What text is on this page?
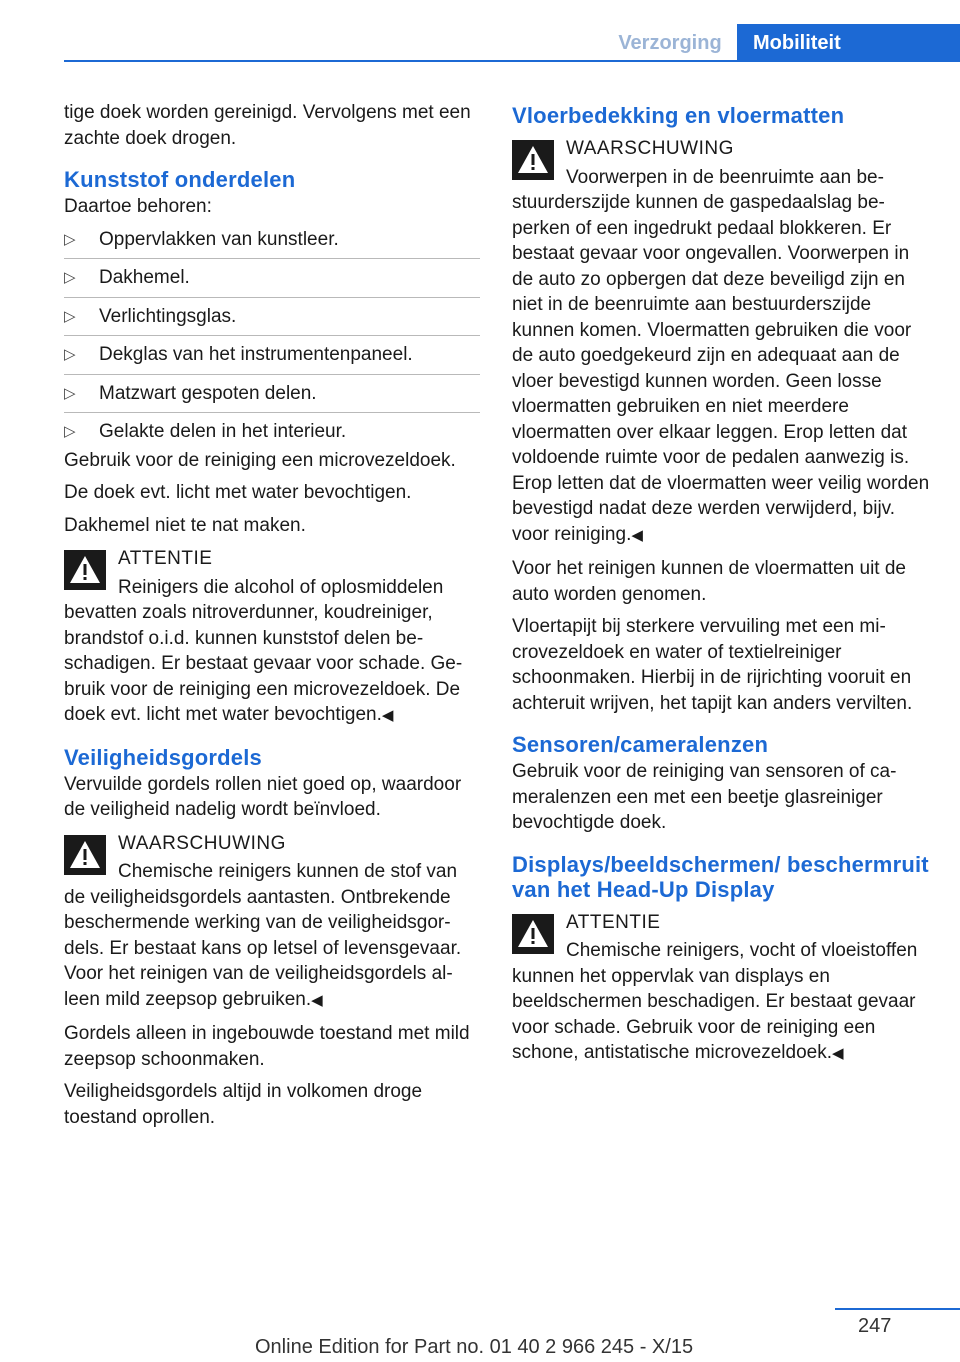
Verzorging	Mobiliteit

tige doek worden gereinigd. Vervolgens met een zachte doek drogen.

Kunststof onderdelen

Daartoe behoren:

▷ Oppervlakken van kunstleer.
▷ Dakhemel.
▷ Verlichtingsglas.
▷ Dekglas van het instrumentenpaneel.
▷ Matzwart gespoten delen.
▷ Gelakte delen in het interieur.

Gebruik voor de reiniging een microvezeldoek.

De doek evt. licht met water bevochtigen.

Dakhemel niet te nat maken.

ATTENTIE
Reinigers die alcohol of oplosmiddelen bevatten zoals nitroverdunner, koudreiniger, brandstof o.i.d. kunnen kunststof delen beschadigen. Er bestaat gevaar voor schade. Gebruik voor de reiniging een microvezeldoek. De doek evt. licht met water bevochtigen.◀
Veiligheidsgordels

Vervuilde gordels rollen niet goed op, waardoor de veiligheid nadelig wordt beïnvloed.

WAARSCHUWING
Chemische reinigers kunnen de stof van de veiligheidsgordels aantasten. Ontbrekende beschermende werking van de veiligheidsgordels. Er bestaat kans op letsel of levensgevaar. Voor het reinigen van de veiligheidsgordels alleen mild zeepsop gebruiken.◀

Gordels alleen in ingebouwde toestand met mild zeepsop schoonmaken.

Veiligheidsgordels altijd in volkomen droge toestand oprollen.

Vloerbedekking en vloermatten
WAARSCHUWING
Voorwerpen in de beenruimte aan bestuurderszijde kunnen de gaspedaalslag beperken of een ingedrukt pedaal blokkeren. Er bestaat gevaar voor ongevallen. Voorwerpen in de auto zo opbergen dat deze beveiligd zijn en niet in de beenruimte aan bestuurderszijde kunnen komen. Vloermatten gebruiken die voor de auto goedgekeurd zijn en adequaat aan de vloer bevestigd kunnen worden. Geen losse vloermatten gebruiken en niet meerdere vloermatten over elkaar leggen. Erop letten dat voldoende ruimte voor de pedalen aanwezig is. Erop letten dat de vloermatten weer veilig worden bevestigd nadat deze werden verwijderd, bijv. voor reiniging.◀

Voor het reinigen kunnen de vloermatten uit de auto worden genomen.

Vloertapijt bij sterkere vervuiling met een microvezeldoek en water of textielreiniger schoonmaken. Hierbij in de rijrichting vooruit en achteruit wrijven, het tapijt kan anders vervilten.

Sensoren/cameralenzen

Gebruik voor de reiniging van sensoren of cameralenzen een met een beetje glasreiniger bevochtigde doek.

Displays/beeldschermen/ beschermruit van het Head-Up Display
ATTENTIE
Chemische reinigers, vocht of vloeistoffen kunnen het oppervlak van displays en beeldschermen beschadigen. Er bestaat gevaar voor schade. Gebruik voor de reiniging een schone, antistatische microvezeldoek.◀
247
Online Edition for Part no. 01 40 2 966 245 - X/15
